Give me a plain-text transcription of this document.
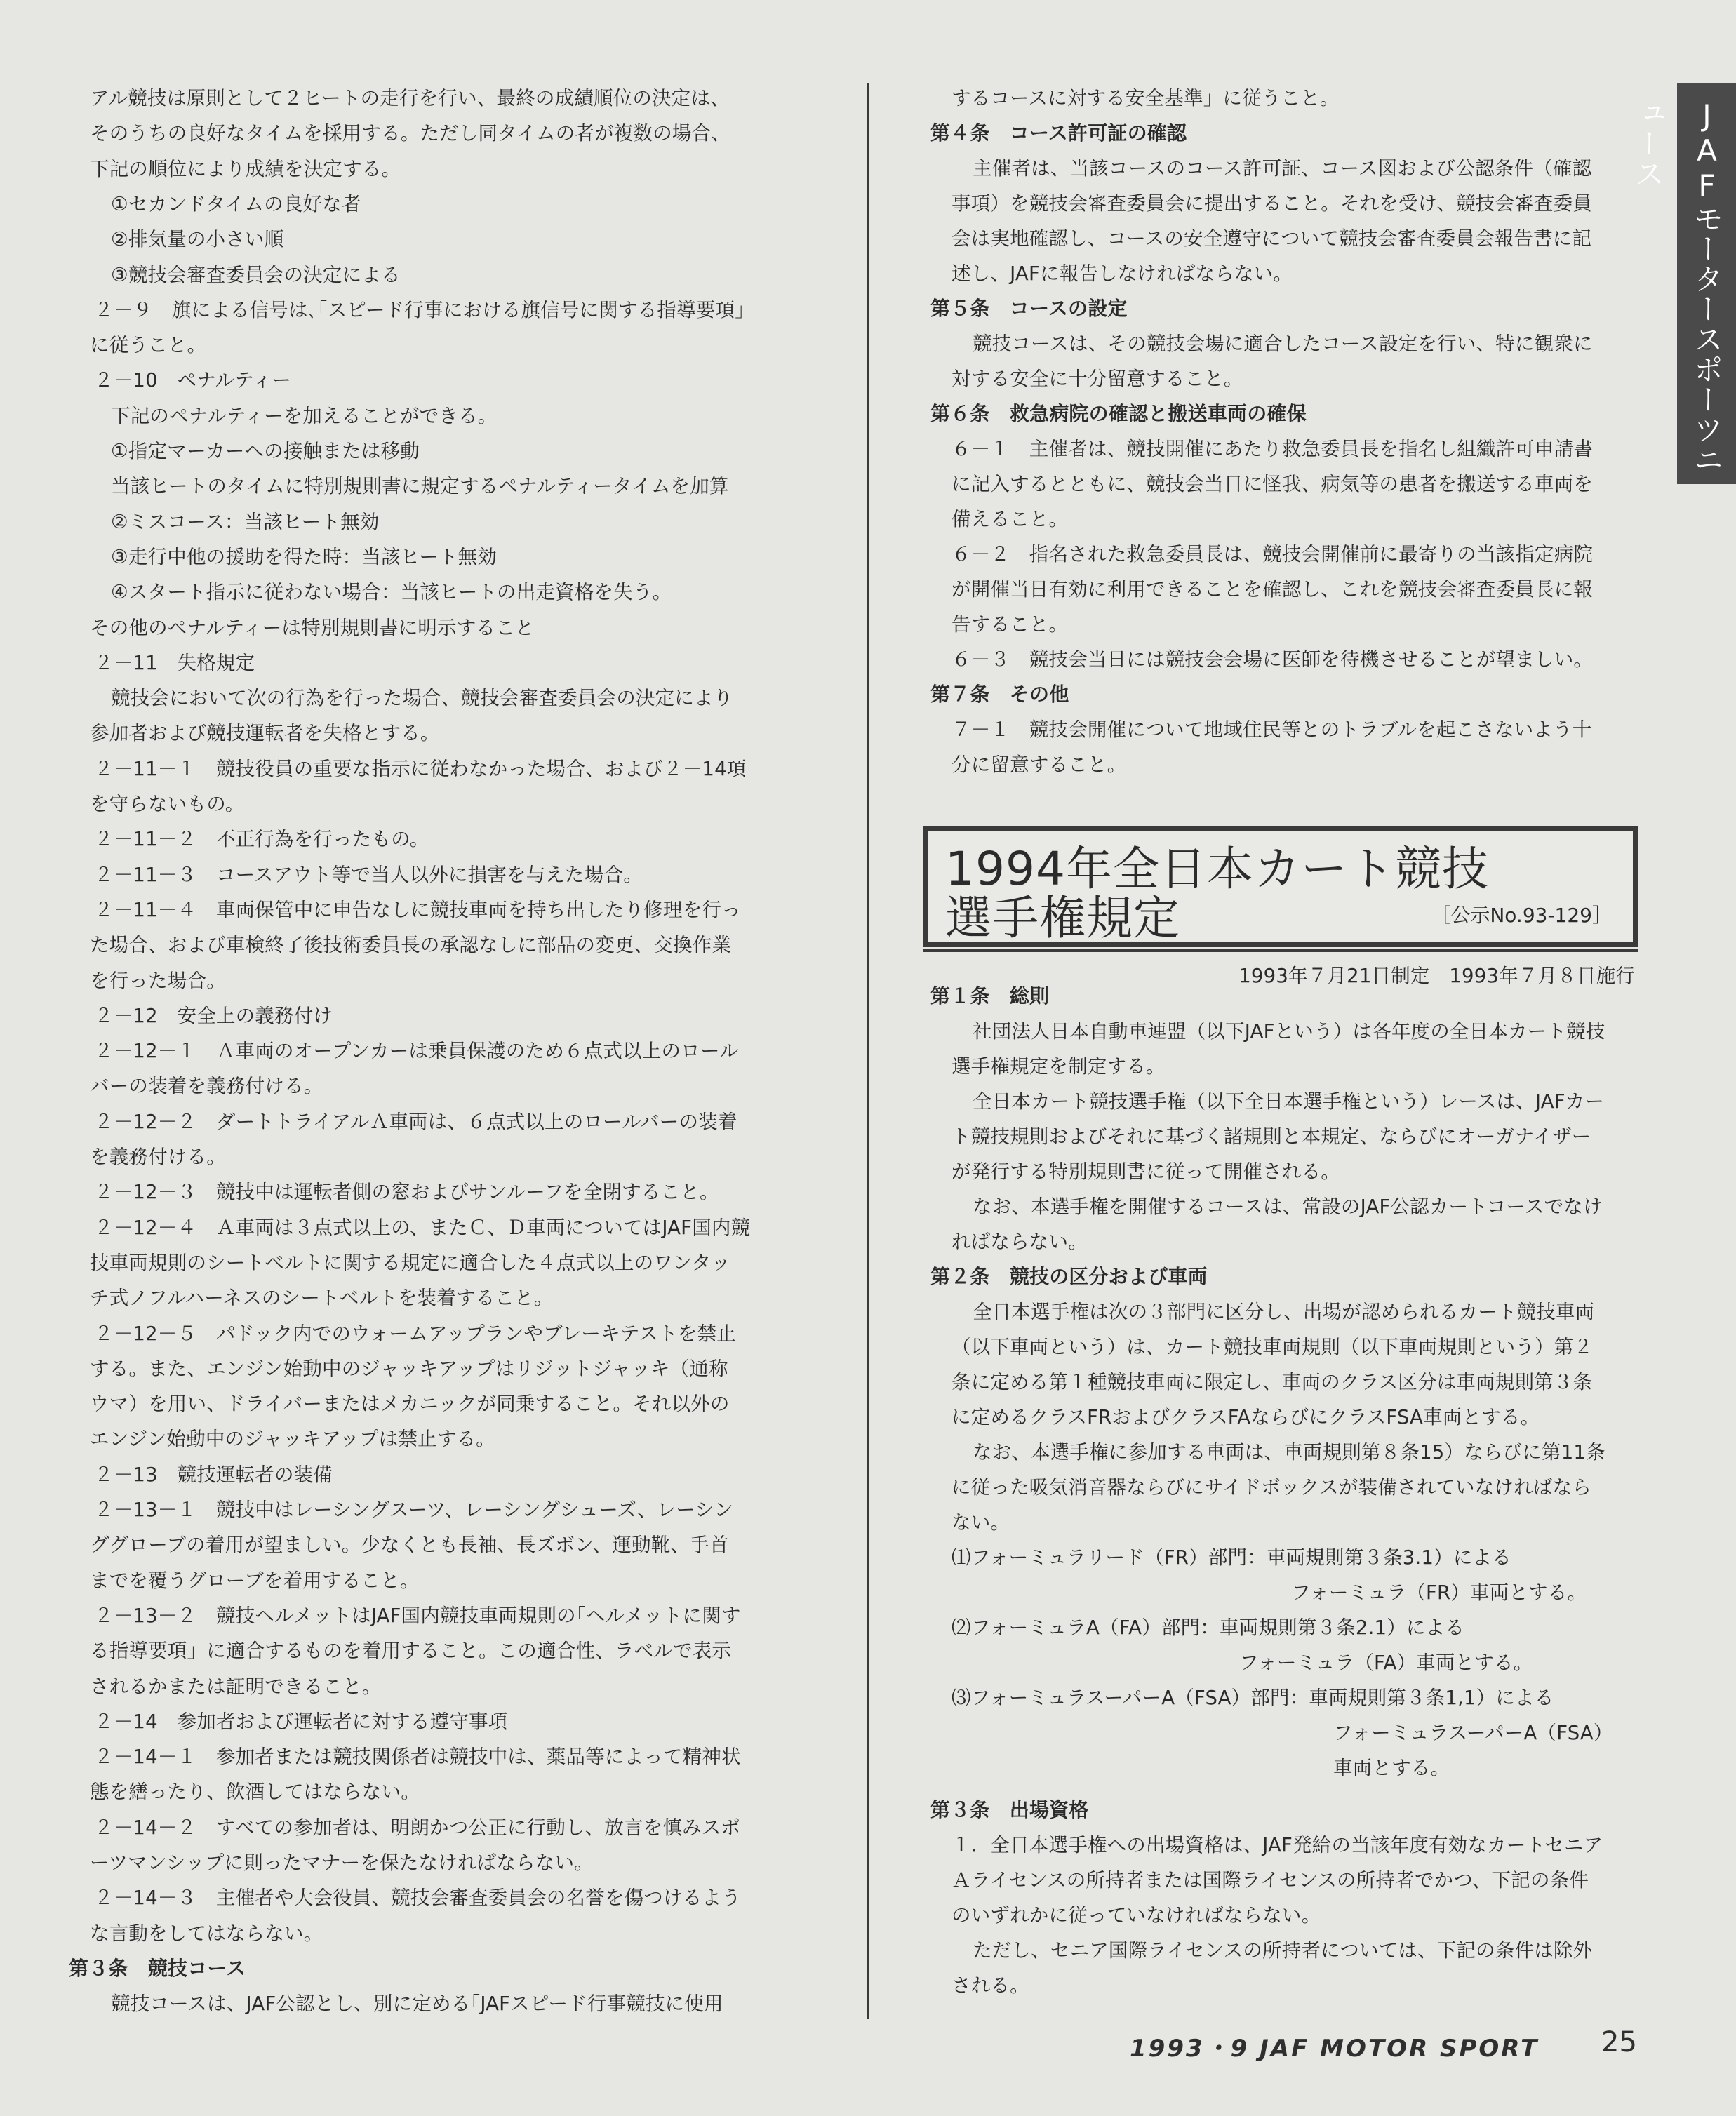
JAFモータースポーツニュース
アル競技は原則として２ヒートの走行を行い、最終の成績順位の決定は、
そのうちの良好なタイムを採用する。ただし同タイムの者が複数の場合、
下記の順位により成績を決定する。
①セカンドタイムの良好な者
②排気量の小さい順
③競技会審査委員会の決定による
２－９　旗による信号は､｢スピード行事における旗信号に関する指導要項｣
に従うこと。
２－10　ペナルティー
下記のペナルティーを加えることができる。
①指定マーカーへの接触または移動
当該ヒートのタイムに特別規則書に規定するペナルティータイムを加算
②ミスコース：当該ヒート無効
③走行中他の援助を得た時：当該ヒート無効
④スタート指示に従わない場合：当該ヒートの出走資格を失う。
その他のペナルティーは特別規則書に明示すること
２－11　失格規定
競技会において次の行為を行った場合、競技会審査委員会の決定により
参加者および競技運転者を失格とする。
２－11－１　競技役員の重要な指示に従わなかった場合、および２－14項
を守らないもの。
２－11－２　不正行為を行ったもの。
２－11－３　コースアウト等で当人以外に損害を与えた場合。
２－11－４　車両保管中に申告なしに競技車両を持ち出したり修理を行っ
た場合、および車検終了後技術委員長の承認なしに部品の変更、交換作業
を行った場合。
２－12　安全上の義務付け
２－12－１　Ａ車両のオープンカーは乗員保護のため６点式以上のロール
バーの装着を義務付ける。
２－12－２　ダートトライアルＡ車両は、６点式以上のロールバーの装着
を義務付ける。
２－12－３　競技中は運転者側の窓およびサンルーフを全閉すること。
２－12－４　Ａ車両は３点式以上の、またＣ、Ｄ車両についてはJAF国内競
技車両規則のシートベルトに関する規定に適合した４点式以上のワンタッ
チ式ノフルハーネスのシートベルトを装着すること。
２－12－５　パドック内でのウォームアップランやブレーキテストを禁止
する。また、エンジン始動中のジャッキアップはリジットジャッキ（通称
ウマ）を用い、ドライバーまたはメカニックが同乗すること。それ以外の
エンジン始動中のジャッキアップは禁止する。
２－13　競技運転者の装備
２－13－１　競技中はレーシングスーツ、レーシングシューズ、レーシン
ググローブの着用が望ましい。少なくとも長袖、長ズボン、運動靴、手首
までを覆うグローブを着用すること。
２－13－２　競技ヘルメットはJAF国内競技車両規則の｢ヘルメットに関す
る指導要項」に適合するものを着用すること。この適合性、ラベルで表示
されるかまたは証明できること。
２－14　参加者および運転者に対する遵守事項
２－14－１　参加者または競技関係者は競技中は、薬品等によって精神状
態を繕ったり、飲酒してはならない。
２－14－２　すべての参加者は、明朗かつ公正に行動し、放言を慎みスポ
ーツマンシップに則ったマナーを保たなければならない。
２－14－３　主催者や大会役員、競技会審査委員会の名誉を傷つけるよう
な言動をしてはならない。
第３条　競技コース
競技コースは、JAF公認とし、別に定める｢JAFスピード行事競技に使用
するコースに対する安全基準」に従うこと。
第４条　コース許可証の確認
主催者は、当該コースのコース許可証、コース図および公認条件（確認
事項）を競技会審査委員会に提出すること。それを受け、競技会審査委員
会は実地確認し、コースの安全遵守について競技会審査委員会報告書に記
述し、JAFに報告しなければならない。
第５条　コースの設定
競技コースは、その競技会場に適合したコース設定を行い、特に観衆に
対する安全に十分留意すること。
第６条　救急病院の確認と搬送車両の確保
６－１　主催者は、競技開催にあたり救急委員長を指名し組織許可申請書
に記入するとともに、競技会当日に怪我、病気等の患者を搬送する車両を
備えること。
６－２　指名された救急委員長は、競技会開催前に最寄りの当該指定病院
が開催当日有効に利用できることを確認し、これを競技会審査委員長に報
告すること。
６－３　競技会当日には競技会会場に医師を待機させることが望ましい。
第７条　その他
７－１　競技会開催について地域住民等とのトラブルを起こさないよう十
分に留意すること。
第１条　総則
社団法人日本自動車連盟（以下JAFという）は各年度の全日本カート競技
選手権規定を制定する。
全日本カート競技選手権（以下全日本選手権という）レースは、JAFカー
ト競技規則およびそれに基づく諸規則と本規定、ならびにオーガナイザー
が発行する特別規則書に従って開催される。
なお、本選手権を開催するコースは、常設のJAF公認カートコースでなけ
ればならない。
第２条　競技の区分および車両
全日本選手権は次の３部門に区分し、出場が認められるカート競技車両
（以下車両という）は、カート競技車両規則（以下車両規則という）第２
条に定める第１種競技車両に限定し、車両のクラス区分は車両規則第３条
に定めるクラスFRおよびクラスFAならびにクラスFSA車両とする。
なお、本選手権に参加する車両は、車両規則第８条15）ならびに第11条
に従った吸気消音器ならびにサイドボックスが装備されていなければなら
ない。
⑴フォーミュラリード（FR）部門：車両規則第３条3.1）による
フォーミュラ（FR）車両とする。
⑵フォーミュラA（FA）部門：車両規則第３条2.1）による
フォーミュラ（FA）車両とする。
⑶フォーミュラスーパーA（FSA）部門：車両規則第３条1,1）による
フォーミュラスーパーA（FSA）
車両とする。
第３条　出場資格
１．全日本選手権への出場資格は、JAF発給の当該年度有効なカートセニア
Ａライセンスの所持者または国際ライセンスの所持者でかつ、下記の条件
のいずれかに従っていなければならない。
ただし、セニア国際ライセンスの所持者については、下記の条件は除外
される。
1994年全日本カート競技
選手権規定	［公示No.93-129］
1993年７月21日制定　1993年７月８日施行
1993・9 JAF MOTOR SPORT 25
